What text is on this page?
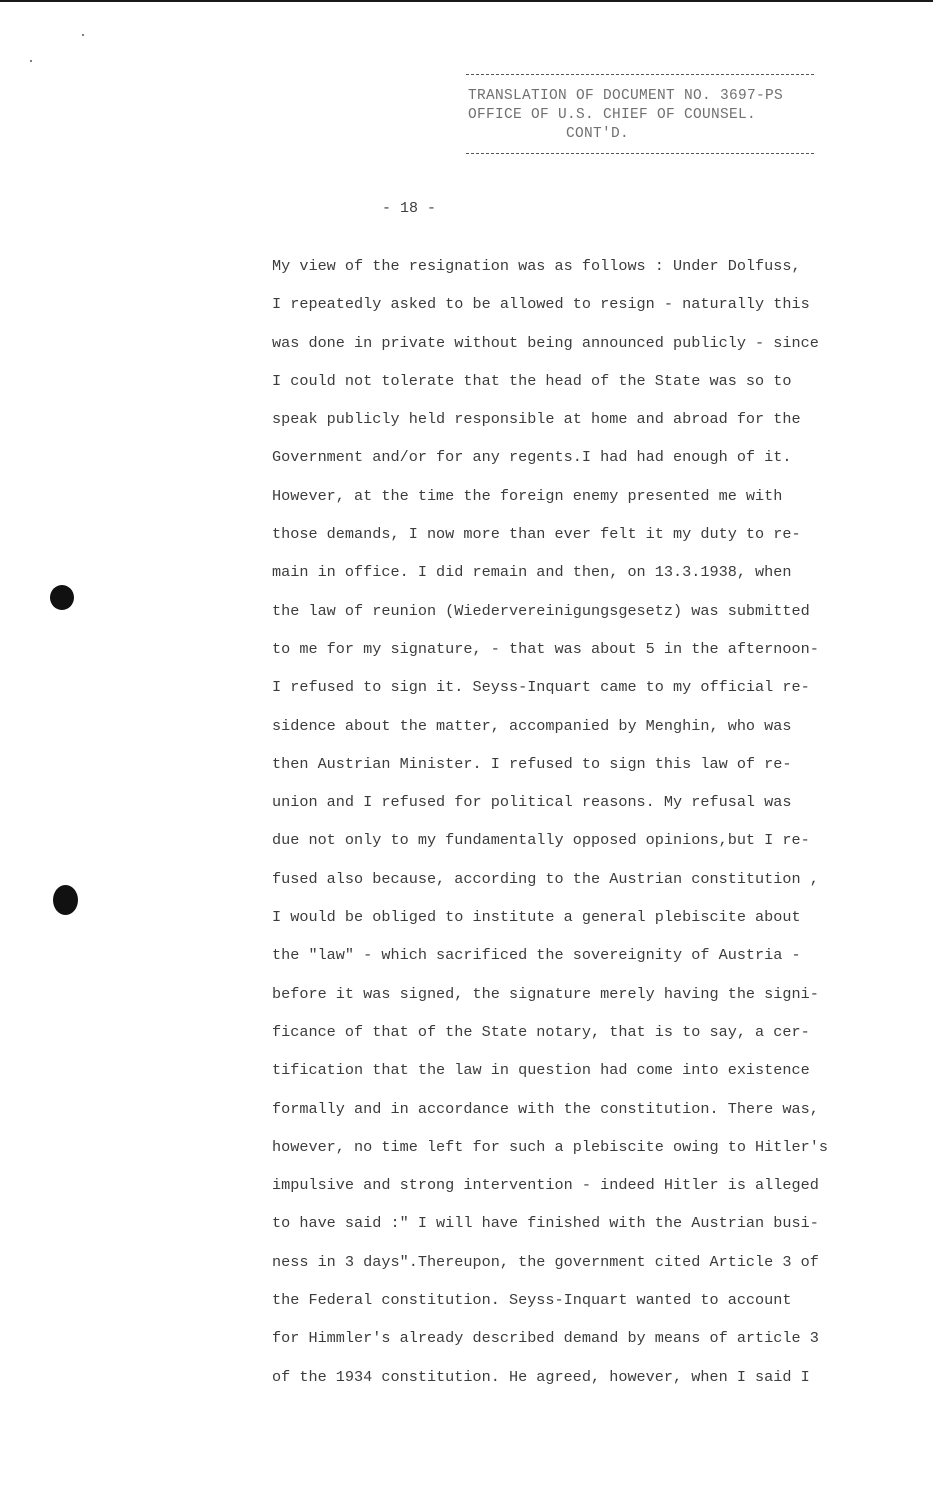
TRANSLATION OF DOCUMENT NO. 3697-PS
OFFICE OF U.S. CHIEF OF COUNSEL.
CONT'D.
- 18 -
My view of the resignation was as follows : Under Dolfuss,
I repeatedly asked to be allowed to resign - naturally this
was done in private without being announced publicly - since
I could not tolerate that the head of the State was so to
speak publicly held responsible at home and abroad for the
Government and/or for any regents.I had had enough of it.
However, at the time the foreign enemy presented me with
those demands, I now more than ever felt it my duty to re-
main in office. I did remain and then, on 13.3.1938, when
the law of reunion (Wiedervereinigungsgesetz) was submitted
to me for my signature, - that was about 5 in the afternoon-
I refused to sign it. Seyss-Inquart came to my official re-
sidence about the matter, accompanied by Menghin, who was
then Austrian Minister. I refused to sign this law of re-
union and I refused for political reasons. My refusal was
due not only to my fundamentally opposed opinions,but I re-
fused also because, according to the Austrian constitution ,
I would be obliged to institute a general plebiscite about
the "law" - which sacrificed the sovereignity of Austria -
before it was signed, the signature merely having the signi-
ficance of that of the State notary, that is to say, a cer-
tification that the law in question had come into existence
formally and in accordance with the constitution. There was,
however, no time left for such a plebiscite owing to Hitler's
impulsive and strong intervention - indeed Hitler is alleged
to have said :" I will have finished with the Austrian busi-
ness in 3 days".Thereupon, the government cited Article 3 of
the Federal constitution. Seyss-Inquart wanted to account
for Himmler's already described demand by means of article 3
of the 1934 constitution. He agreed, however, when I said I
